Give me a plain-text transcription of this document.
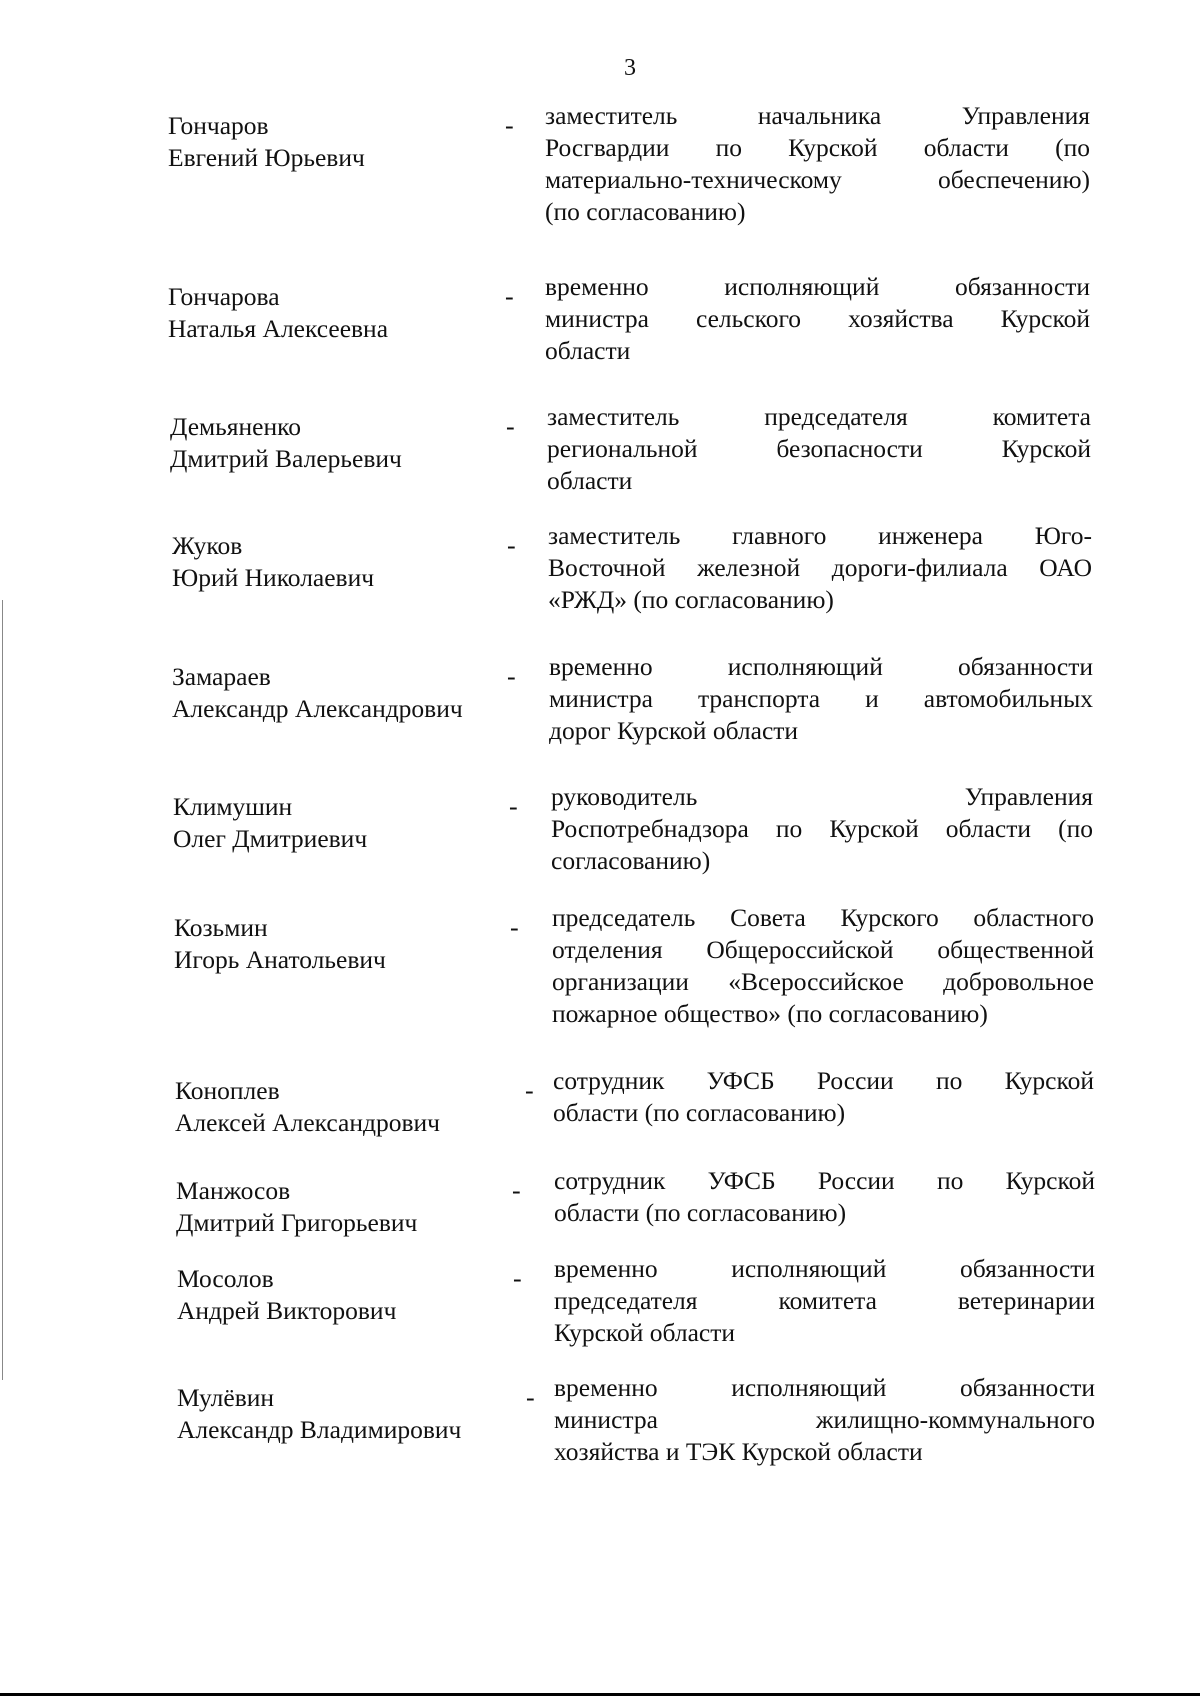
3
Гончаров
Евгений Юрьевич
- заместитель начальника Управления
Росгвардии по Курской области (по
материально-техническому обеспечению)
(по согласованию)
Гончарова
Наталья Алексеевна
- временно исполняющий обязанности
министра сельского хозяйства Курской
области
Демьяненко
Дмитрий Валерьевич
- заместитель председателя комитета
региональной безопасности Курской
области
Жуков
Юрий Николаевич
- заместитель главного инженера Юго-
Восточной железной дороги-филиала ОАО
«РЖД» (по согласованию)
Замараев
Александр Александрович
- временно исполняющий обязанности
министра транспорта и автомобильных
дорог Курской области
Климушин
Олег Дмитриевич
- руководитель Управления
Роспотребнадзора по Курской области (по
согласованию)
Козьмин
Игорь Анатольевич
- председатель Совета Курского областного
отделения Общероссийской общественной
организации «Всероссийское добровольное
пожарное общество» (по согласованию)
Коноплев
Алексей Александрович
- сотрудник УФСБ России по Курской
области (по согласованию)
Манжосов
Дмитрий Григорьевич
- сотрудник УФСБ России по Курской
области (по согласованию)
Мосолов
Андрей Викторович
- временно исполняющий обязанности
председателя комитета ветеринарии
Курской области
Мулёвин
Александр Владимирович
- временно исполняющий обязанности
министра жилищно-коммунального
хозяйства и ТЭК Курской области
